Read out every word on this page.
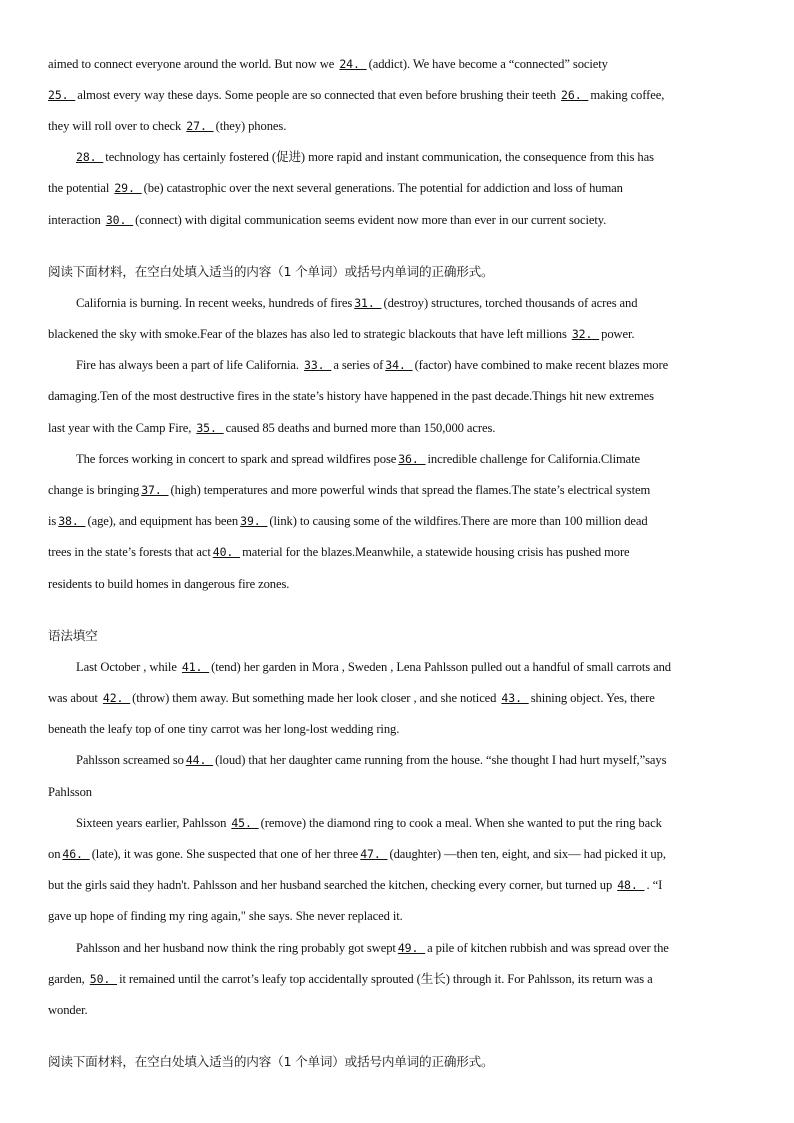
aimed to connect everyone around the world. But now we 24. (addict). We have become a “connected” society
25. almost every way these days. Some people are so connected that even before brushing their teeth 26. making coffee,
they will roll over to check 27. (they) phones.
28. technology has certainly fostered (促进) more rapid and instant communication, the consequence from this has
the potential 29. (be) catastrophic over the next several generations. The potential for addiction and loss of human
interaction 30. (connect) with digital communication seems evident now more than ever in our current society.
阅读下面材料，在空白处填入适当的内容（1 个单词）或括号内单词的正确形式。
California is burning. In recent weeks, hundreds of fires 31. (destroy) structures, torched thousands of acres and
blackened the sky with smoke.Fear of the blazes has also led to strategic blackouts that have left millions 32. power.
Fire has always been a part of life California. 33. a series of 34. (factor) have combined to make recent blazes more
damaging.Ten of the most destructive fires in the state’s history have happened in the past decade.Things hit new extremes
last year with the Camp Fire, 35. caused 85 deaths and burned more than 150,000 acres.
The forces working in concert to spark and spread wildfires pose 36. incredible challenge for California.Climate
change is bringing 37. (high) temperatures and more powerful winds that spread the flames.The state’s electrical system
is 38. (age), and equipment has been 39. (link) to causing some of the wildfires.There are more than 100 million dead
trees in the state’s forests that act 40. material for the blazes.Meanwhile, a statewide housing crisis has pushed more
residents to build homes in dangerous fire zones.
语法填空
Last October , while 41. (tend) her garden in Mora , Sweden , Lena Pahlsson pulled out a handful of small carrots and
was about 42. (throw) them away. But something made her look closer , and she noticed 43. shining object. Yes, there
beneath the leafy top of one tiny carrot was her long-lost wedding ring.
Pahlsson screamed so 44. (loud) that her daughter came running from the house. “she thought I had hurt myself,”says
Pahlsson
Sixteen years earlier, Pahlsson 45. (remove) the diamond ring to cook a meal. When she wanted to put the ring back
on 46. (late), it was gone. She suspected that one of her three 47. (daughter) —then ten, eight, and six— had picked it up,
but the girls said they hadn't. Pahlsson and her husband searched the kitchen, checking every corner, but turned up 48. . “I
gave up hope of finding my ring again," she says. She never replaced it.
Pahlsson and her husband now think the ring probably got swept 49. a pile of kitchen rubbish and was spread over the
garden, 50. it remained until the carrot’s leafy top accidentally sprouted (生长) through it. For Pahlsson, its return was a
wonder.
阅读下面材料，在空白处填入适当的内容（1 个单词）或括号内单词的正确形式。
